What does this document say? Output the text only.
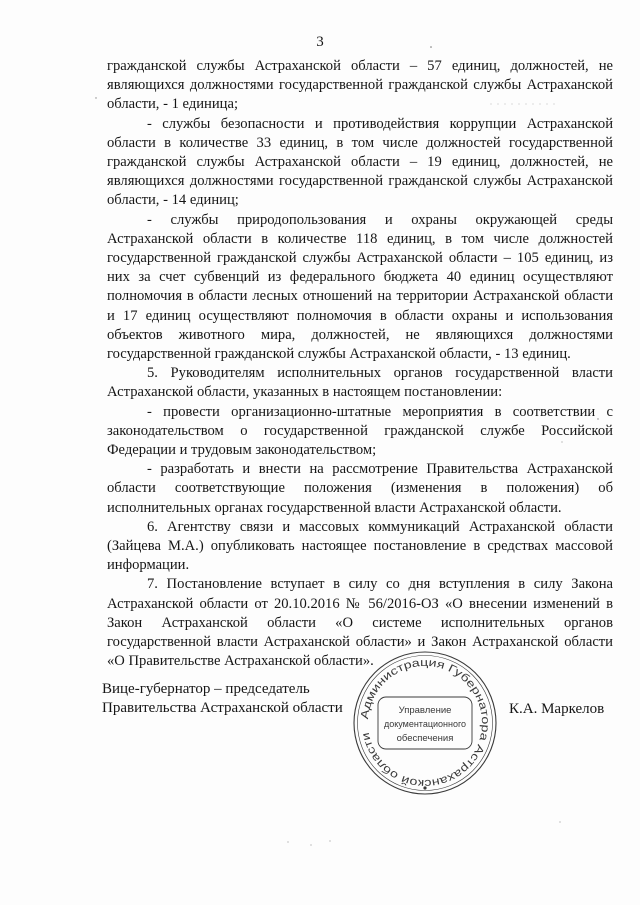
3

гражданской службы Астраханской области – 57 единиц, должностей, не являющихся должностями государственной гражданской службы Астраханской области, - 1 единица;

- службы безопасности и противодействия коррупции Астраханской области в количестве 33 единиц, в том числе должностей государственной гражданской службы Астраханской области – 19 единиц, должностей, не являющихся должностями государственной гражданской службы Астраханской области, - 14 единиц;

- службы природопользования и охраны окружающей среды Астраханской области в количестве 118 единиц, в том числе должностей государственной гражданской службы Астраханской области – 105 единиц, из них за счет субвенций из федерального бюджета 40 единиц осуществляют полномочия в области лесных отношений на территории Астраханской области и 17 единиц осуществляют полномочия в области охраны и использования объектов животного мира, должностей, не являющихся должностями государственной гражданской службы Астраханской области, - 13 единиц.

5. Руководителям исполнительных органов государственной власти Астраханской области, указанных в настоящем постановлении:

- провести организационно-штатные мероприятия в соответствии с законодательством о государственной гражданской службе Российской Федерации и трудовым законодательством;

- разработать и внести на рассмотрение Правительства Астраханской области соответствующие положения (изменения в положения) об исполнительных органах государственной власти Астраханской области.

6. Агентству связи и массовых коммуникаций Астраханской области (Зайцева М.А.) опубликовать настоящее постановление в средствах массовой информации.

7. Постановление вступает в силу со дня вступления в силу Закона Астраханской области от 20.10.2016 № 56/2016-ОЗ «О внесении изменений в Закон Астраханской области «О системе исполнительных органов государственной власти Астраханской области» и Закон Астраханской области «О Правительстве Астраханской области».

Вице-губернатор – председатель
Правительства Астраханской области	К.А. Маркелов
Администрация Губернатора Астраханской области
Управление
документационного
обеспечения
